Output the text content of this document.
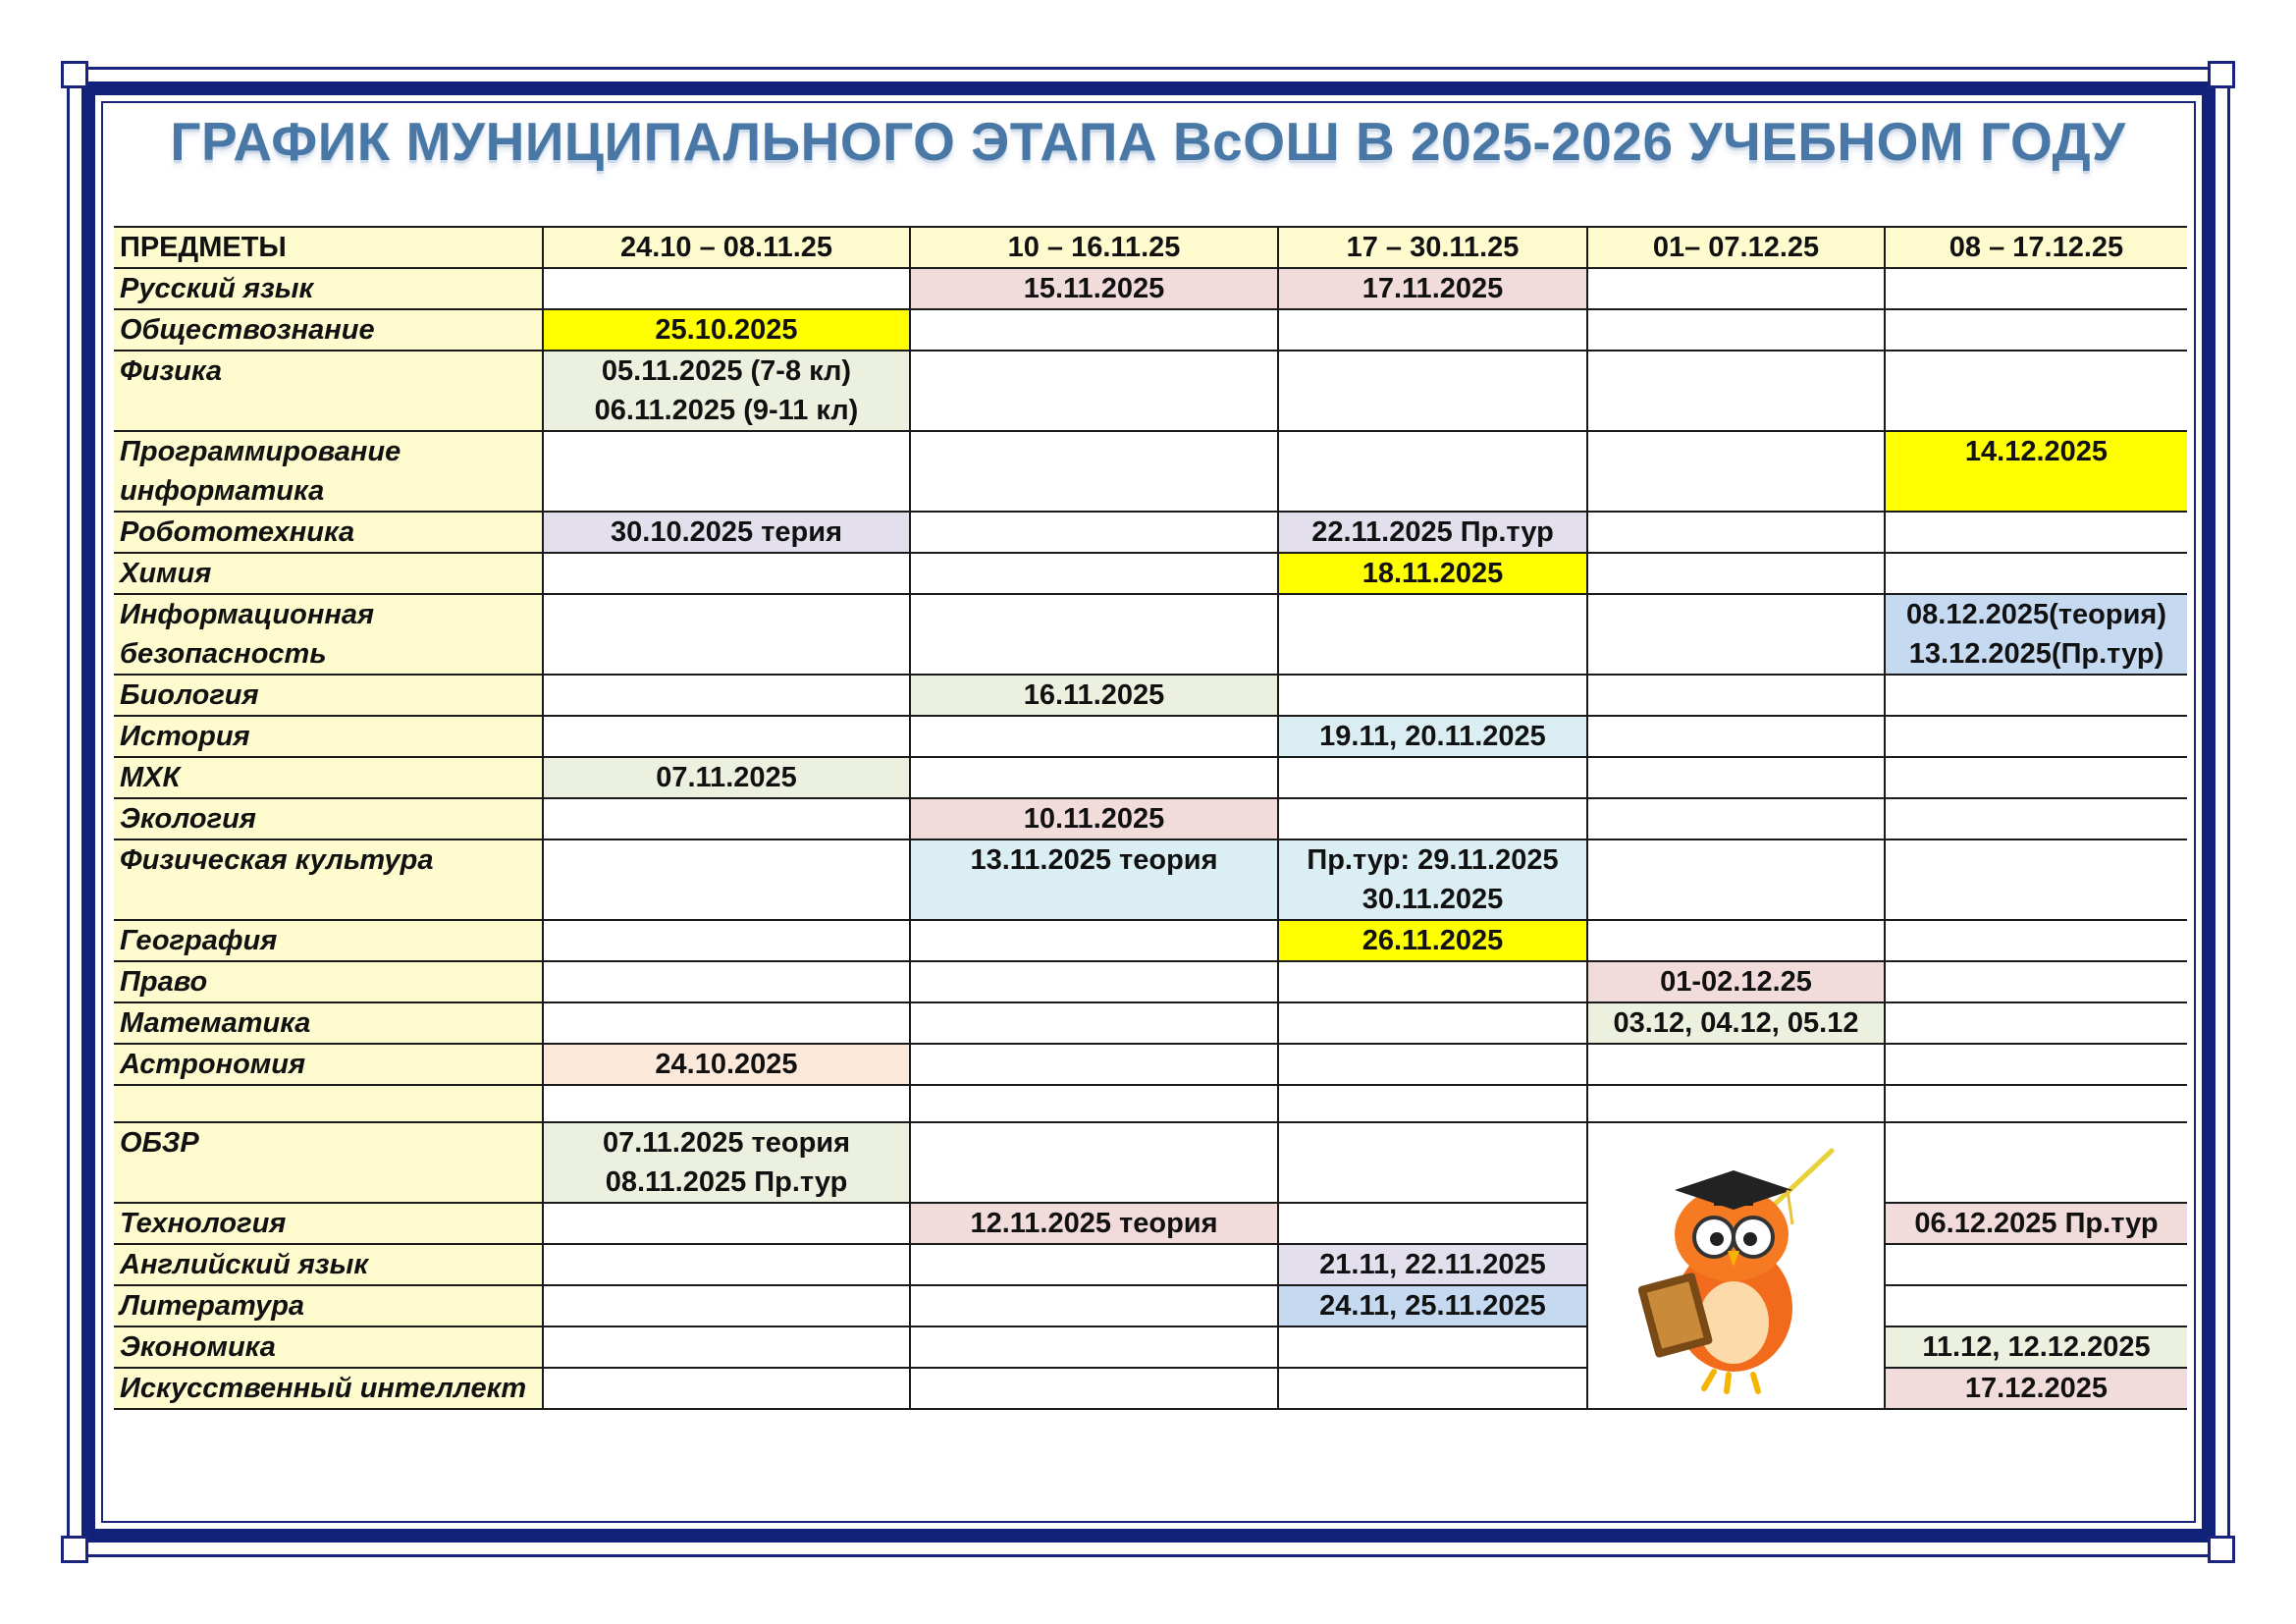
ГРАФИК МУНИЦИПАЛЬНОГО ЭТАПА ВсОШ В 2025-2026 УЧЕБНОМ ГОДУ
ПРЕДМЕТЫ	24.10 – 08.11.25	10 – 16.11.25	17 – 30.11.25	01– 07.12.25	08 – 17.12.25

Русский язык		15.11.2025	17.11.2025		

Обществознание	25.10.2025				

Физика	05.11.2025 (7-8 кл)
06.11.2025 (9-11 кл)				

Программирование
информатика					14.12.2025

Робототехника	30.10.2025 терия		22.11.2025 Пр.тур		

Химия			18.11.2025		

Информационная
безопасность					08.12.2025(теория)
13.12.2025(Пр.тур)

Биология		16.11.2025			

История			19.11, 20.11.2025		

МХК	07.11.2025				

Экология		10.11.2025			

Физическая культура		13.11.2025 теория	Пр.тур: 29.11.2025
30.11.2025		

География			26.11.2025		

Право				01-02.12.25	

Математика				03.12, 04.12, 05.12	

Астрономия	24.10.2025				

ОБЗР	07.11.2025 теория
08.11.2025 Пр.тур

Технология		12.11.2025 теория			06.12.2025 Пр.тур

Английский язык			21.11, 22.11.2025		

Литература			24.11, 25.11.2025		

Экономика					11.12, 12.12.2025

Искусственный интеллект					17.12.2025
